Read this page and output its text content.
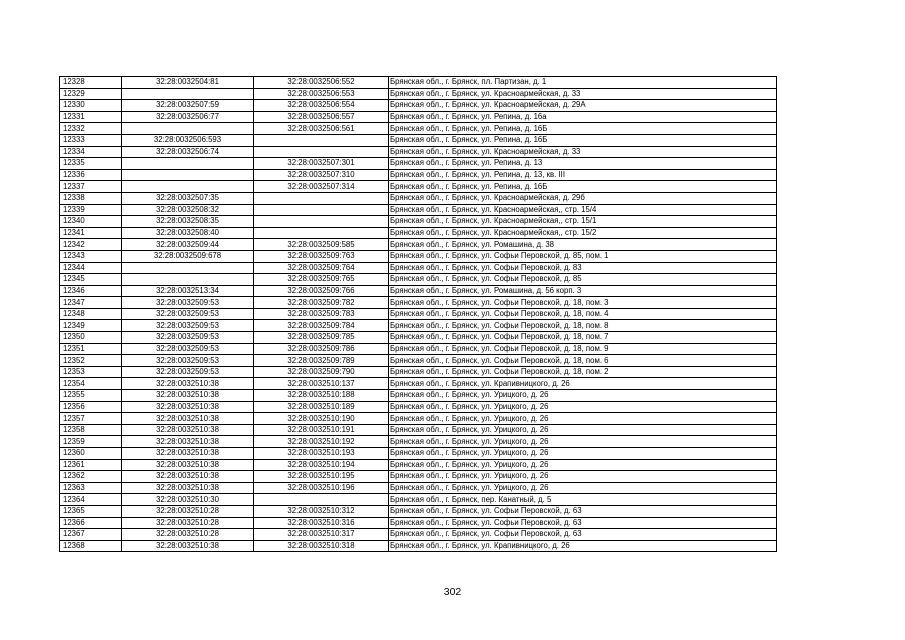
12328	32:28:0032504:81	32:28:0032506:552	Брянская обл., г. Брянск, пл. Партизан, д. 1
12329		32:28:0032506:553	Брянская обл., г. Брянск, ул. Красноармейская, д. 33
12330	32:28:0032507:59	32:28:0032506:554	Брянская обл., г. Брянск, ул. Красноармейская, д. 29А
12331	32:28:0032506:77	32:28:0032506:557	Брянская обл., г. Брянск, ул. Репина, д. 16а
12332		32:28:0032506:561	Брянская обл., г. Брянск, ул. Репина, д. 16Б
12333	32:28:0032506:593		Брянская обл., г. Брянск, ул. Репина, д. 16Б
12334	32:28:0032506:74		Брянская обл., г. Брянск, ул. Красноармейская, д. 33
12335		32:28:0032507:301	Брянская обл., г. Брянск, ул. Репина, д. 13
12336		32:28:0032507:310	Брянская обл., г. Брянск, ул. Репина, д. 13, кв. III
12337		32:28:0032507:314	Брянская обл., г. Брянск, ул. Репина, д. 16Б
12338	32:28:0032507:35		Брянская обл., г. Брянск, ул. Красноармейская, д. 29б
12339	32:28:0032508:32		Брянская обл., г. Брянск, ул. Красноармейская,, стр. 15/4
12340	32:28:0032508:35		Брянская обл., г. Брянск, ул. Красноармейская,, стр. 15/1
12341	32:28:0032508:40		Брянская обл., г. Брянск, ул. Красноармейская,, стр. 15/2
12342	32:28:0032509:44	32:28:0032509:585	Брянская обл., г. Брянск, ул. Ромашина, д. 38
12343	32:28:0032509:678	32:28:0032509:763	Брянская обл., г. Брянск, ул. Софьи Перовской, д. 85, пом. 1
12344		32:28:0032509:764	Брянская обл., г. Брянск, ул. Софьи Перовской, д. 83
12345		32:28:0032509:765	Брянская обл., г. Брянск, ул. Софьи Перовской, д. 85
12346	32:28:0032513:34	32:28:0032509:766	Брянская обл., г. Брянск, ул. Ромашина, д. 56 корп. 3
12347	32:28:0032509:53	32:28:0032509:782	Брянская обл., г. Брянск, ул. Софьи Перовской, д. 18, пом. 3
12348	32:28:0032509:53	32:28:0032509:783	Брянская обл., г. Брянск, ул. Софьи Перовской, д. 18, пом. 4
12349	32:28:0032509:53	32:28:0032509:784	Брянская обл., г. Брянск, ул. Софьи Перовской, д. 18, пом. 8
12350	32:28:0032509:53	32:28:0032509:785	Брянская обл., г. Брянск, ул. Софьи Перовской, д. 18, пом. 7
12351	32:28:0032509:53	32:28:0032509:786	Брянская обл., г. Брянск, ул. Софьи Перовской, д. 18, пом. 9
12352	32:28:0032509:53	32:28:0032509:789	Брянская обл., г. Брянск, ул. Софьи Перовской, д. 18, пом. 6
12353	32:28:0032509:53	32:28:0032509:790	Брянская обл., г. Брянск, ул. Софьи Перовской, д. 18, пом. 2
12354	32:28:0032510:38	32:28:0032510:137	Брянская обл., г. Брянск, ул. Крапивницкого, д. 26
12355	32:28:0032510:38	32:28:0032510:188	Брянская обл., г. Брянск, ул. Урицкого, д. 26
12356	32:28:0032510:38	32:28:0032510:189	Брянская обл., г. Брянск, ул. Урицкого, д. 26
12357	32:28:0032510:38	32:28:0032510:190	Брянская обл., г. Брянск, ул. Урицкого, д. 26
12358	32:28:0032510:38	32:28:0032510:191	Брянская обл., г. Брянск, ул. Урицкого, д. 26
12359	32:28:0032510:38	32:28:0032510:192	Брянская обл., г. Брянск, ул. Урицкого, д. 26
12360	32:28:0032510:38	32:28:0032510:193	Брянская обл., г. Брянск, ул. Урицкого, д. 26
12361	32:28:0032510:38	32:28:0032510:194	Брянская обл., г. Брянск, ул. Урицкого, д. 26
12362	32:28:0032510:38	32:28:0032510:195	Брянская обл., г. Брянск, ул. Урицкого, д. 26
12363	32:28:0032510:38	32:28:0032510:196	Брянская обл., г. Брянск, ул. Урицкого, д. 26
12364	32:28:0032510:30		Брянская обл., г. Брянск, пер. Канатный, д. 5
12365	32:28:0032510:28	32:28:0032510:312	Брянская обл., г. Брянск, ул. Софьи Перовской, д. 63
12366	32:28:0032510:28	32:28:0032510:316	Брянская обл., г. Брянск, ул. Софьи Перовской, д. 63
12367	32:28:0032510:28	32:28:0032510:317	Брянская обл., г. Брянск, ул. Софьи Перовской, д. 63
12368	32:28:0032510:38	32:28:0032510:318	Брянская обл., г. Брянск, ул. Крапивницкого, д. 26
302
